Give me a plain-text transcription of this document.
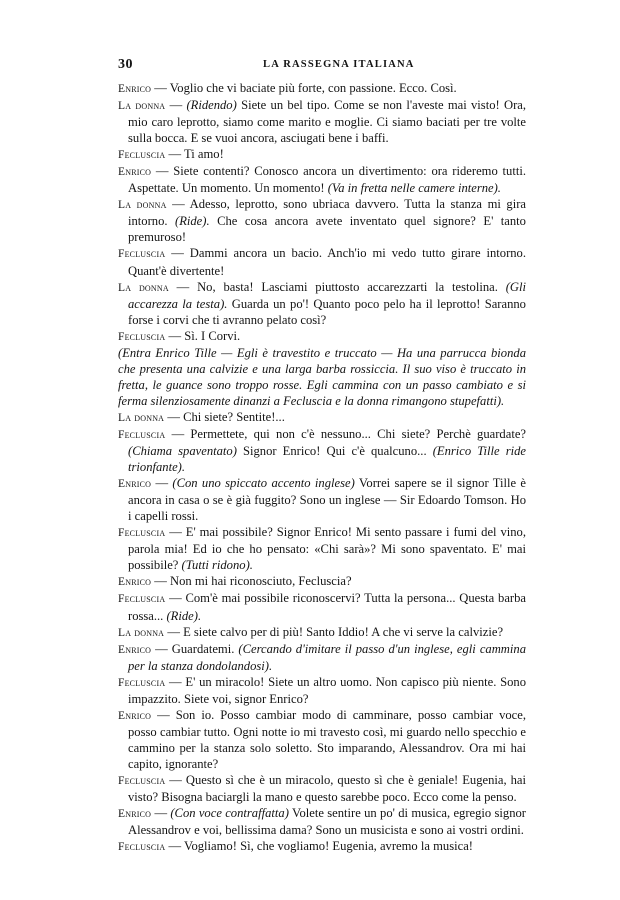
30	LA RASSEGNA ITALIANA

Enrico — Voglio che vi baciate più forte, con passione. Ecco. Così.

La donna — (Ridendo) Siete un bel tipo. Come se non l'aveste mai visto! Ora, mio caro leprotto, siamo come marito e moglie. Ci siamo baciati per tre volte sulla bocca. E se vuoi ancora, asciugati bene i baffi.

Fecluscia — Ti amo!

Enrico — Siete contenti? Conosco ancora un divertimento: ora rideremo tutti. Aspettate. Un momento. Un momento! (Va in fretta nelle camere interne).

La donna — Adesso, leprotto, sono ubriaca davvero. Tutta la stanza mi gira intorno. (Ride). Che cosa ancora avete inventato quel signore? E' tanto premuroso!

Fecluscia — Dammi ancora un bacio. Anch'io mi vedo tutto girare intorno. Quant'è divertente!

La donna — No, basta! Lasciami piuttosto accarezzarti la testolina. (Gli accarezza la testa). Guarda un po'! Quanto poco pelo ha il leprotto! Saranno forse i corvi che ti avranno pelato così?

Fecluscia — Sì. I Corvi.

(Entra Enrico Tille — Egli è travestito e truccato — Ha una parrucca bionda che presenta una calvizie e una larga barba rossiccia. Il suo viso è truccato in fretta, le guance sono troppo rosse. Egli cammina con un passo cambiato e si ferma silenziosamente dinanzi a Fecluscia e la donna rimangono stupefatti).

La donna — Chi siete? Sentite!...

Fecluscia — Permettete, qui non c'è nessuno... Chi siete? Perchè guardate? (Chiama spaventato) Signor Enrico! Qui c'è qualcuno... (Enrico Tille ride trionfante).

Enrico — (Con uno spiccato accento inglese) Vorrei sapere se il signor Tille è ancora in casa o se è già fuggito? Sono un inglese — Sir Edoardo Tomson. Ho i capelli rossi.

Fecluscia — E' mai possibile? Signor Enrico! Mi sento passare i fumi del vino, parola mia! Ed io che ho pensato: «Chi sarà»? Mi sono spaventato. E' mai possibile? (Tutti ridono).

Enrico — Non mi hai riconosciuto, Fecluscia?

Fecluscia — Com'è mai possibile riconoscervi? Tutta la persona... Questa barba rossa... (Ride).

La donna — E siete calvo per di più! Santo Iddio! A che vi serve la calvizie?

Enrico — Guardatemi. (Cercando d'imitare il passo d'un inglese, egli cammina per la stanza dondolandosi).

Fecluscia — E' un miracolo! Siete un altro uomo. Non capisco più niente. Sono impazzito. Siete voi, signor Enrico?

Enrico — Son io. Posso cambiar modo di camminare, posso cambiar voce, posso cambiar tutto. Ogni notte io mi travesto così, mi guardo nello specchio e cammino per la stanza solo soletto. Sto imparando, Alessandrov. Ora mi hai capito, ignorante?

Fecluscia — Questo sì che è un miracolo, questo sì che è geniale! Eugenia, hai visto? Bisogna baciargli la mano e questo sarebbe poco. Ecco come la penso.

Enrico — (Con voce contraffatta) Volete sentire un po' di musica, egregio signor Alessandrov e voi, bellissima dama? Sono un musicista e sono ai vostri ordini.

Fecluscia — Vogliamo! Sì, che vogliamo! Eugenia, avremo la musica!
